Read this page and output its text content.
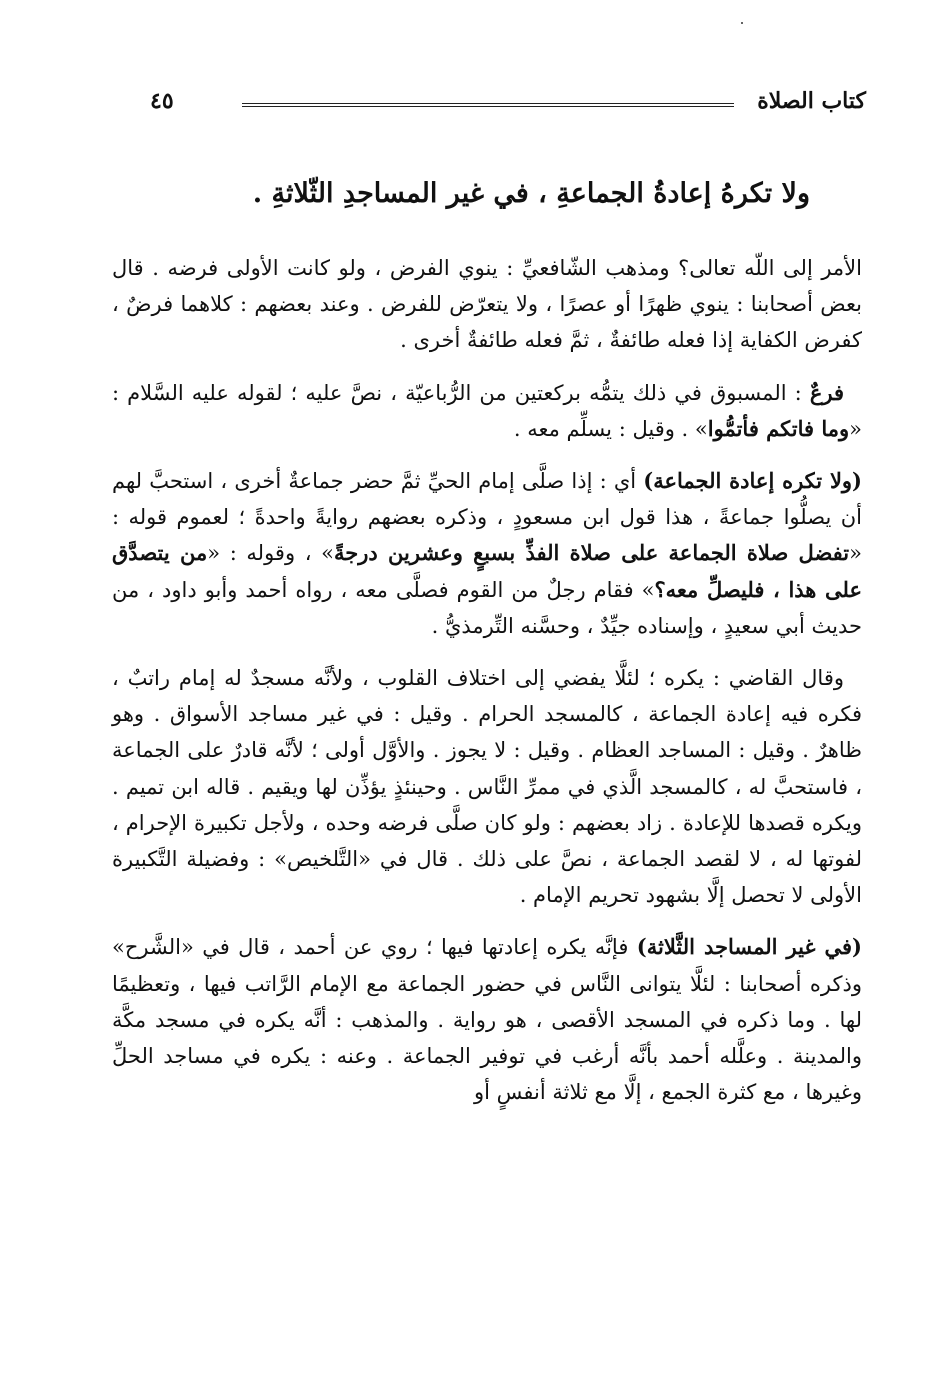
كتاب الصلاة
٤٥
ولا تكرهُ إعادةُ الجماعةِ ، في غير المساجدِ الثّلاثةِ .

الأمر إلى اللّه تعالى؟ ومذهب الشّافعيِّ : ينوي الفرض ، ولو كانت الأولى فرضه . قال بعض أصحابنا : ينوي ظهرًا أو عصرًا ، ولا يتعرّض للفرض . وعند بعضهم : كلاهما فرضٌ ، كفرض الكفاية إذا فعله طائفةٌ ، ثمَّ فعله طائفةٌ أخرى .

فرعٌ : المسبوق في ذلك يتمُّه بركعتين من الرُّباعيّة ، نصَّ عليه ؛ لقوله عليه السَّلام : «وما فاتكم فأتمُّوا» . وقيل : يسلِّم معه .

(ولا تكره إعادة الجماعة) أي : إذا صلَّى إمام الحيِّ ثمَّ حضر جماعةٌ أخرى ، استحبَّ لهم أن يصلُّوا جماعةً ، هذا قول ابن مسعودٍ ، وذكره بعضهم روايةً واحدةً ؛ لعموم قوله : «تفضل صلاة الجماعة على صلاة الفذِّ بسبعٍ وعشرين درجةً» ، وقوله : «من يتصدَّق على هذا ، فليصلِّ معه؟» فقام رجلٌ من القوم فصلَّى معه ، رواه أحمد وأبو داود ، من حديث أبي سعيدٍ ، وإسناده جيِّدٌ ، وحسَّنه التِّرمذيُّ .

وقال القاضي : يكره ؛ لئلَّا يفضي إلى اختلاف القلوب ، ولأنَّه مسجدٌ له إمام راتبٌ ، فكره فيه إعادة الجماعة ، كالمسجد الحرام . وقيل : في غير مساجد الأسواق . وهو ظاهرٌ . وقيل : المساجد العظام . وقيل : لا يجوز . والأوَّل أولى ؛ لأنَّه قادرٌ على الجماعة ، فاستحبَّ له ، كالمسجد الَّذي في ممرِّ النَّاس . وحينئذٍ يؤذِّن لها ويقيم . قاله ابن تميم . ويكره قصدها للإعادة . زاد بعضهم : ولو كان صلَّى فرضه وحده ، ولأجل تكبيرة الإحرام ، لفوتها له ، لا لقصد الجماعة ، نصَّ على ذلك . قال في «التَّلخيص» : وفضيلة التَّكبيرة الأولى لا تحصل إلَّا بشهود تحريم الإمام .

(في غير المساجد الثَّلاثة) فإنَّه يكره إعادتها فيها ؛ روي عن أحمد ، قال في «الشَّرح» وذكره أصحابنا : لئلَّا يتوانى النَّاس في حضور الجماعة مع الإمام الرَّاتب فيها ، وتعظيمًا لها . وما ذكره في المسجد الأقصى ، هو رواية . والمذهب : أنَّه يكره في مسجد مكَّة والمدينة . وعلَّله أحمد بأنَّه أرغب في توفير الجماعة . وعنه : يكره في مساجد الحلِّ وغيرها ، مع كثرة الجمع ، إلَّا مع ثلاثة أنفسٍ أو
